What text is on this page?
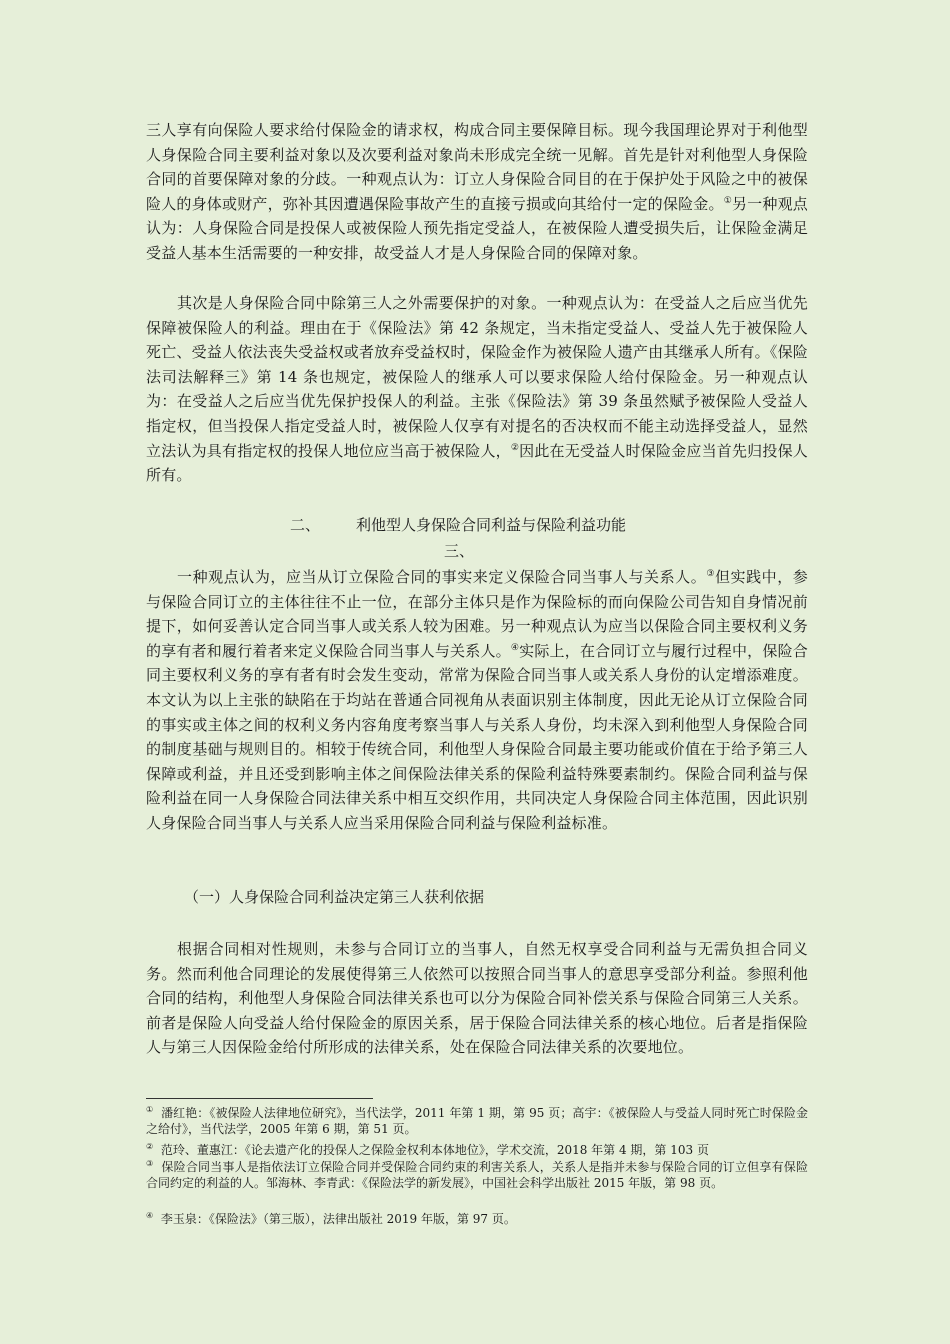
三人享有向保险人要求给付保险金的请求权，构成合同主要保障目标。现今我国理论界对于利他型人身保险合同主要利益对象以及次要利益对象尚未形成完全统一见解。首先是针对利他型人身保险合同的首要保障对象的分歧。一种观点认为：订立人身保险合同目的在于保护处于风险之中的被保险人的身体或财产，弥补其因遭遇保险事故产生的直接亏损或向其给付一定的保险金。①另一种观点认为：人身保险合同是投保人或被保险人预先指定受益人，在被保险人遭受损失后，让保险金满足受益人基本生活需要的一种安排，故受益人才是人身保险合同的保障对象。

其次是人身保险合同中除第三人之外需要保护的对象。一种观点认为：在受益人之后应当优先保障被保险人的利益。理由在于《保险法》第 42 条规定，当未指定受益人、受益人先于被保险人死亡、受益人依法丧失受益权或者放弃受益权时，保险金作为被保险人遗产由其继承人所有。《保险法司法解释三》第 14 条也规定，被保险人的继承人可以要求保险人给付保险金。另一种观点认为：在受益人之后应当优先保护投保人的利益。主张《保险法》第 39 条虽然赋予被保险人受益人指定权，但当投保人指定受益人时，被保险人仅享有对提名的否决权而不能主动选择受益人，显然立法认为具有指定权的投保人地位应当高于被保险人，②因此在无受益人时保险金应当首先归投保人所有。

二、 利他型人身保险合同利益与保险利益功能
三、

一种观点认为，应当从订立保险合同的事实来定义保险合同当事人与关系人。③但实践中，参与保险合同订立的主体往往不止一位，在部分主体只是作为保险标的而向保险公司告知自身情况前提下，如何妥善认定合同当事人或关系人较为困难。另一种观点认为应当以保险合同主要权利义务的享有者和履行着者来定义保险合同当事人与关系人。④实际上，在合同订立与履行过程中，保险合同主要权利义务的享有者有时会发生变动，常常为保险合同当事人或关系人身份的认定增添难度。本文认为以上主张的缺陷在于均站在普通合同视角从表面识别主体制度，因此无论从订立保险合同的事实或主体之间的权利义务内容角度考察当事人与关系人身份，均未深入到利他型人身保险合同的制度基础与规则目的。相较于传统合同，利他型人身保险合同最主要功能或价值在于给予第三人保障或利益，并且还受到影响主体之间保险法律关系的保险利益特殊要素制约。保险合同利益与保险利益在同一人身保险合同法律关系中相互交织作用，共同决定人身保险合同主体范围，因此识别人身保险合同当事人与关系人应当采用保险合同利益与保险利益标准。

（一）人身保险合同利益决定第三人获利依据

根据合同相对性规则，未参与合同订立的当事人，自然无权享受合同利益与无需负担合同义务。然而利他合同理论的发展使得第三人依然可以按照合同当事人的意思享受部分利益。参照利他合同的结构，利他型人身保险合同法律关系也可以分为保险合同补偿关系与保险合同第三人关系。前者是保险人向受益人给付保险金的原因关系，居于保险合同法律关系的核心地位。后者是指保险人与第三人因保险金给付所形成的法律关系，处在保险合同法律关系的次要地位。

① 潘红艳：《被保险人法律地位研究》，当代法学，2011 年第 1 期，第 95 页；高宇：《被保险人与受益人同时死亡时保险金之给付》，当代法学，2005 年第 6 期，第 51 页。

② 范玲、董惠江：《论去遗产化的投保人之保险金权利本体地位》，学术交流，2018 年第 4 期，第 103 页

③ 保险合同当事人是指依法订立保险合同并受保险合同约束的利害关系人，关系人是指并未参与保险合同的订立但享有保险合同约定的利益的人。邹海林、李青武：《保险法学的新发展》，中国社会科学出版社 2015 年版，第 98 页。

④ 李玉泉：《保险法》（第三版），法律出版社 2019 年版，第 97 页。
